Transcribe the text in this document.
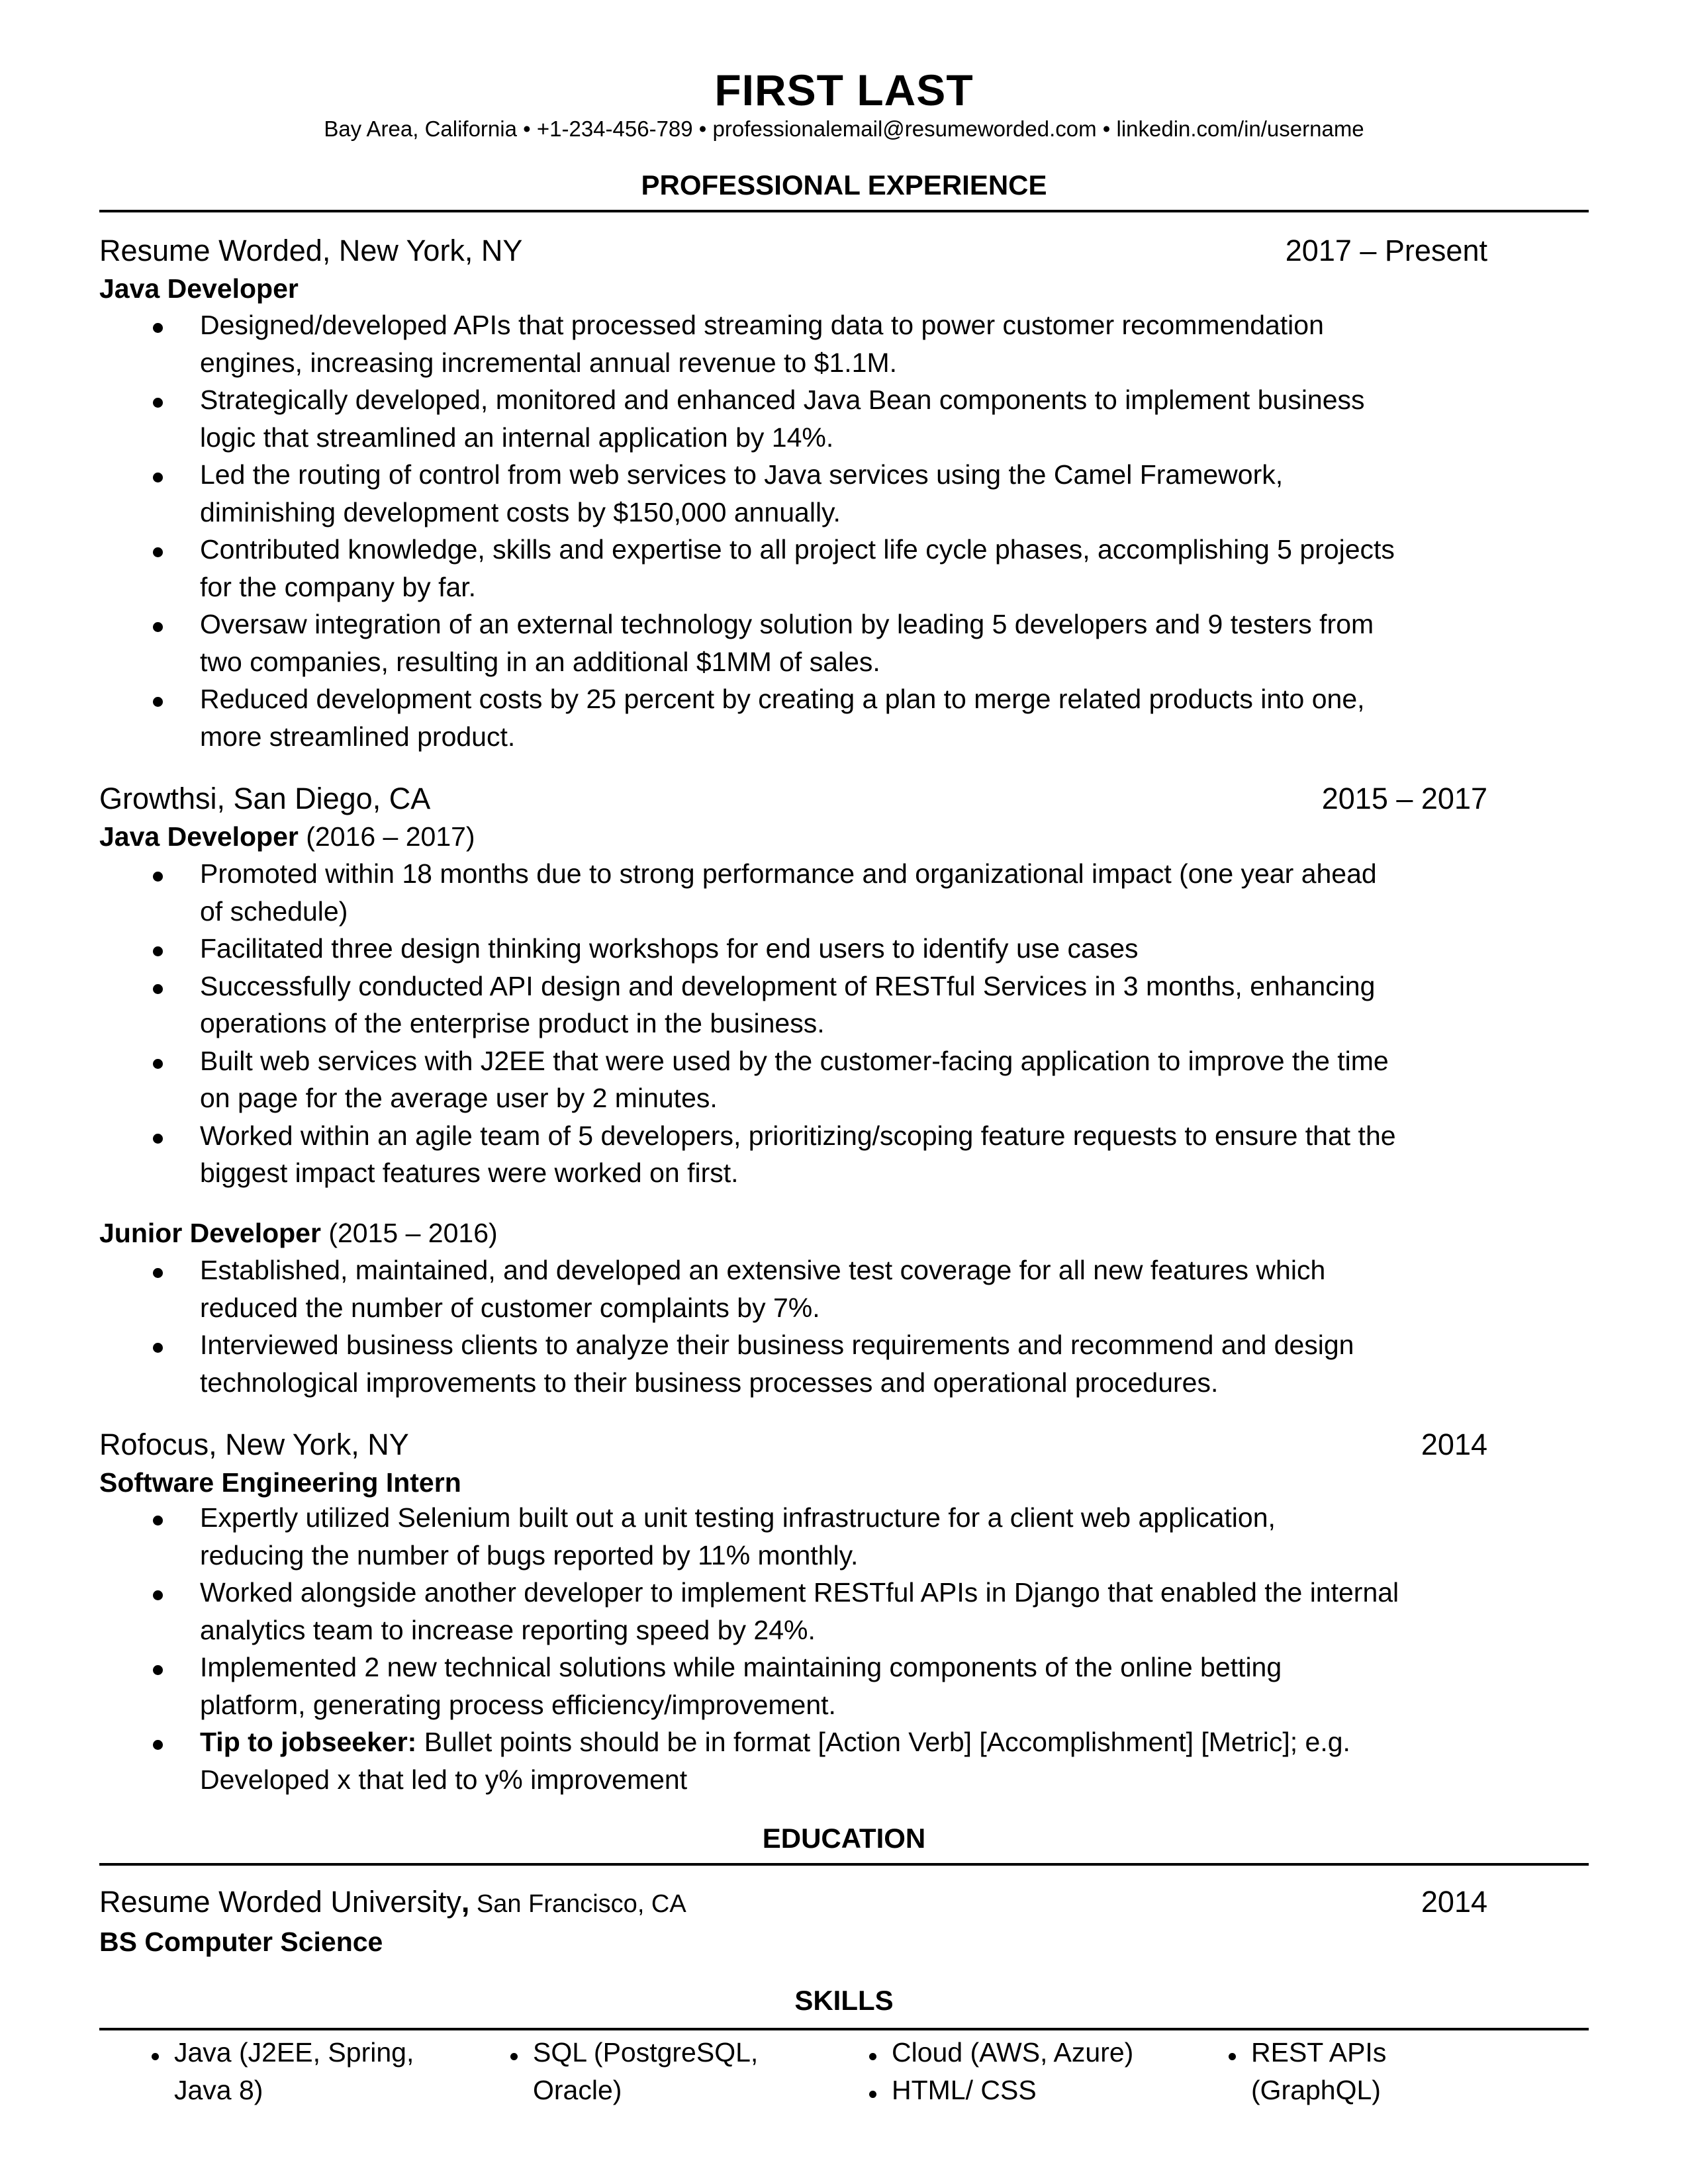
FIRST LAST
Bay Area, California • +1-234-456-789 • professionalemail@resumeworded.com • linkedin.com/in/username
PROFESSIONAL EXPERIENCE
Resume Worded, New York, NY	2017 – Present
Java Developer
Designed/developed APIs that processed streaming data to power customer recommendation
engines, increasing incremental annual revenue to $1.1M.
Strategically developed, monitored and enhanced Java Bean components to implement business
logic that streamlined an internal application by 14%.
Led the routing of control from web services to Java services using the Camel Framework,
diminishing development costs by $150,000 annually.
Contributed knowledge, skills and expertise to all project life cycle phases, accomplishing 5 projects
for the company by far.
Oversaw integration of an external technology solution by leading 5 developers and 9 testers from
two companies, resulting in an additional $1MM of sales.
Reduced development costs by 25 percent by creating a plan to merge related products into one,
more streamlined product.
Growthsi, San Diego, CA	2015 – 2017
Java Developer (2016 – 2017)
Promoted within 18 months due to strong performance and organizational impact (one year ahead
of schedule)
Facilitated three design thinking workshops for end users to identify use cases
Successfully conducted API design and development of RESTful Services in 3 months, enhancing
operations of the enterprise product in the business.
Built web services with J2EE that were used by the customer-facing application to improve the time
on page for the average user by 2 minutes.
Worked within an agile team of 5 developers, prioritizing/scoping feature requests to ensure that the
biggest impact features were worked on first.
Junior Developer (2015 – 2016)
Established, maintained, and developed an extensive test coverage for all new features which
reduced the number of customer complaints by 7%.
Interviewed business clients to analyze their business requirements and recommend and design
technological improvements to their business processes and operational procedures.
Rofocus, New York, NY	2014
Software Engineering Intern
Expertly utilized Selenium built out a unit testing infrastructure for a client web application,
reducing the number of bugs reported by 11% monthly.
Worked alongside another developer to implement RESTful APIs in Django that enabled the internal
analytics team to increase reporting speed by 24%.
Implemented 2 new technical solutions while maintaining components of the online betting
platform, generating process efficiency/improvement.
Tip to jobseeker: Bullet points should be in format [Action Verb] [Accomplishment] [Metric]; e.g.
Developed x that led to y% improvement
EDUCATION
Resume Worded University, San Francisco, CA	2014
BS Computer Science
SKILLS
Java (J2EE, Spring,
Java 8)
SQL (PostgreSQL,
Oracle)
Cloud (AWS, Azure)
HTML/ CSS
REST APIs
(GraphQL)
